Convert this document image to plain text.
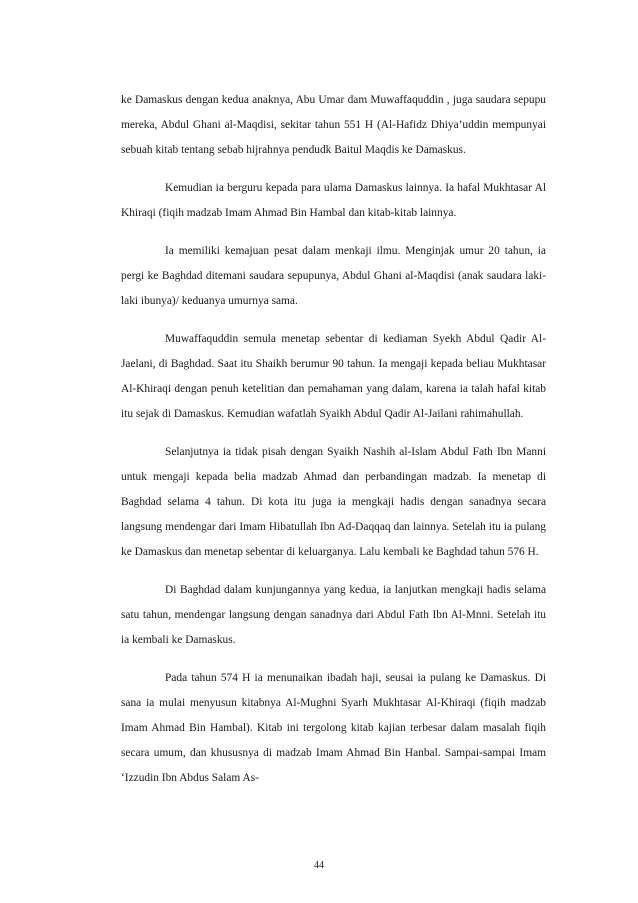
ke Damaskus dengan kedua anaknya, Abu Umar dam Muwaffaquddin , juga saudara sepupu mereka, Abdul Ghani al-Maqdisi, sekitar tahun 551 H (Al-Hafidz Dhiya’uddin mempunyai sebuah kitab tentang sebab hijrahnya pendudk Baitul Maqdis ke Damaskus.

Kemudian ia berguru kepada para ulama Damaskus lainnya. Ia hafal Mukhtasar Al Khiraqi (fiqih madzab Imam Ahmad Bin Hambal dan kitab-kitab lainnya.

Ia memiliki kemajuan pesat dalam menkaji ilmu. Menginjak umur 20 tahun, ia pergi ke Baghdad ditemani saudara sepupunya, Abdul Ghani al-Maqdisi (anak saudara laki-laki ibunya)/ keduanya umurnya sama.

Muwaffaquddin semula menetap sebentar di kediaman Syekh Abdul Qadir Al-Jaelani, di Baghdad. Saat itu Shaikh berumur 90 tahun. Ia mengaji kepada beliau Mukhtasar Al-Khiraqi dengan penuh ketelitian dan pemahaman yang dalam, karena ia talah hafal kitab itu sejak di Damaskus. Kemudian wafatlah Syaikh Abdul Qadir Al-Jailani rahimahullah.

Selanjutnya ia tidak pisah dengan Syaikh Nashih al-Islam Abdul Fath Ibn Manni untuk mengaji kepada belia madzab Ahmad dan perbandingan madzab. Ia menetap di Baghdad selama 4 tahun. Di kota itu juga ia mengkaji hadis dengan sanadnya secara langsung mendengar dari Imam Hibatullah Ibn Ad-Daqqaq dan lainnya. Setelah itu ia pulang ke Damaskus dan menetap sebentar di keluarganya. Lalu kembali ke Baghdad tahun 576 H.

Di Baghdad dalam kunjungannya yang kedua, ia lanjutkan mengkaji hadis selama satu tahun, mendengar langsung dengan sanadnya dari Abdul Fath Ibn Al-Mnni. Setelah itu ia kembali ke Damaskus.

Pada tahun 574 H ia menunaikan ibadah haji, seusai ia pulang ke Damaskus. Di sana ia mulai menyusun kitabnya Al-Mughni Syarh Mukhtasar Al-Khiraqi (fiqih madzab Imam Ahmad Bin Hambal). Kitab ini tergolong kitab kajian terbesar dalam masalah fiqih secara umum, dan khususnya di madzab Imam Ahmad Bin Hanbal. Sampai-sampai Imam ‘Izzudin Ibn Abdus Salam As-

44
